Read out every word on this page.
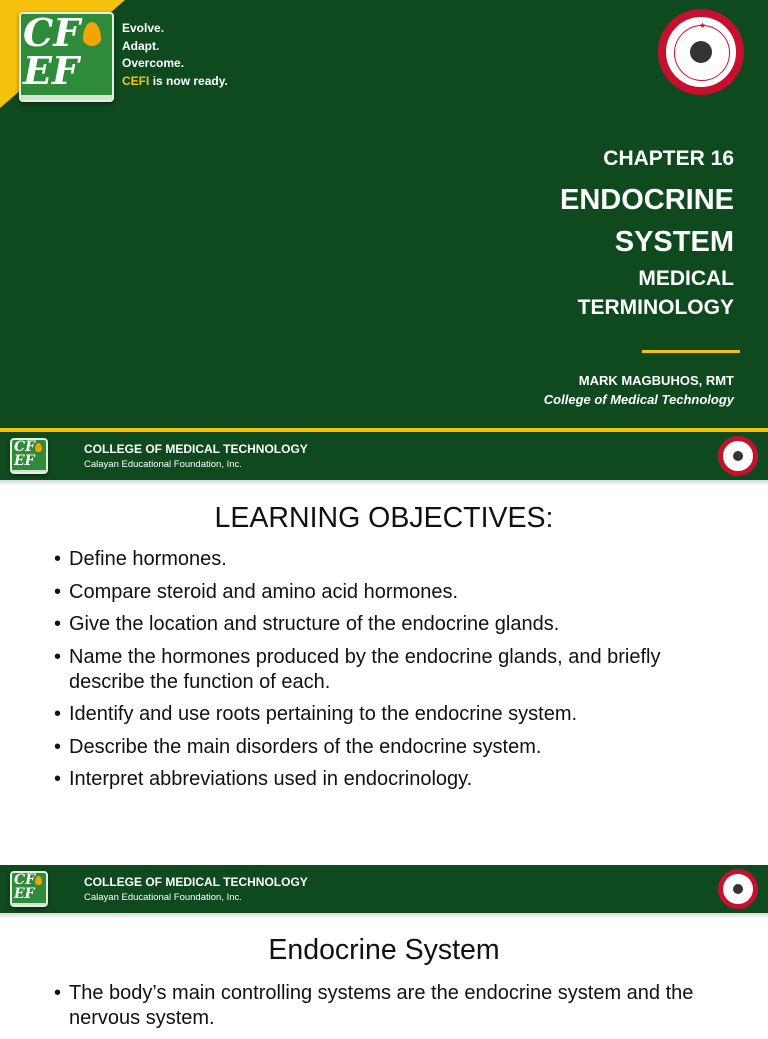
CF
EF
Evolve.
Adapt.
Overcome.
CEFI is now ready.
★
CHAPTER 16
ENDOCRINE
SYSTEM
MEDICAL
TERMINOLOGY
MARK MAGBUHOS, RMT
College of Medical Technology
CF
EF
COLLEGE OF MEDICAL TECHNOLOGY
Calayan Educational Foundation, Inc.
LEARNING OBJECTIVES:
• Define hormones.
• Compare steroid and amino acid hormones.
• Give the location and structure of the endocrine glands.
• Name the hormones produced by the endocrine glands, and briefly describe the function of each.
• Identify and use roots pertaining to the endocrine system.
• Describe the main disorders of the endocrine system.
• Interpret abbreviations used in endocrinology.
CF
EF
COLLEGE OF MEDICAL TECHNOLOGY
Calayan Educational Foundation, Inc.
Endocrine System
• The body’s main controlling systems are the endocrine system and the nervous system.
